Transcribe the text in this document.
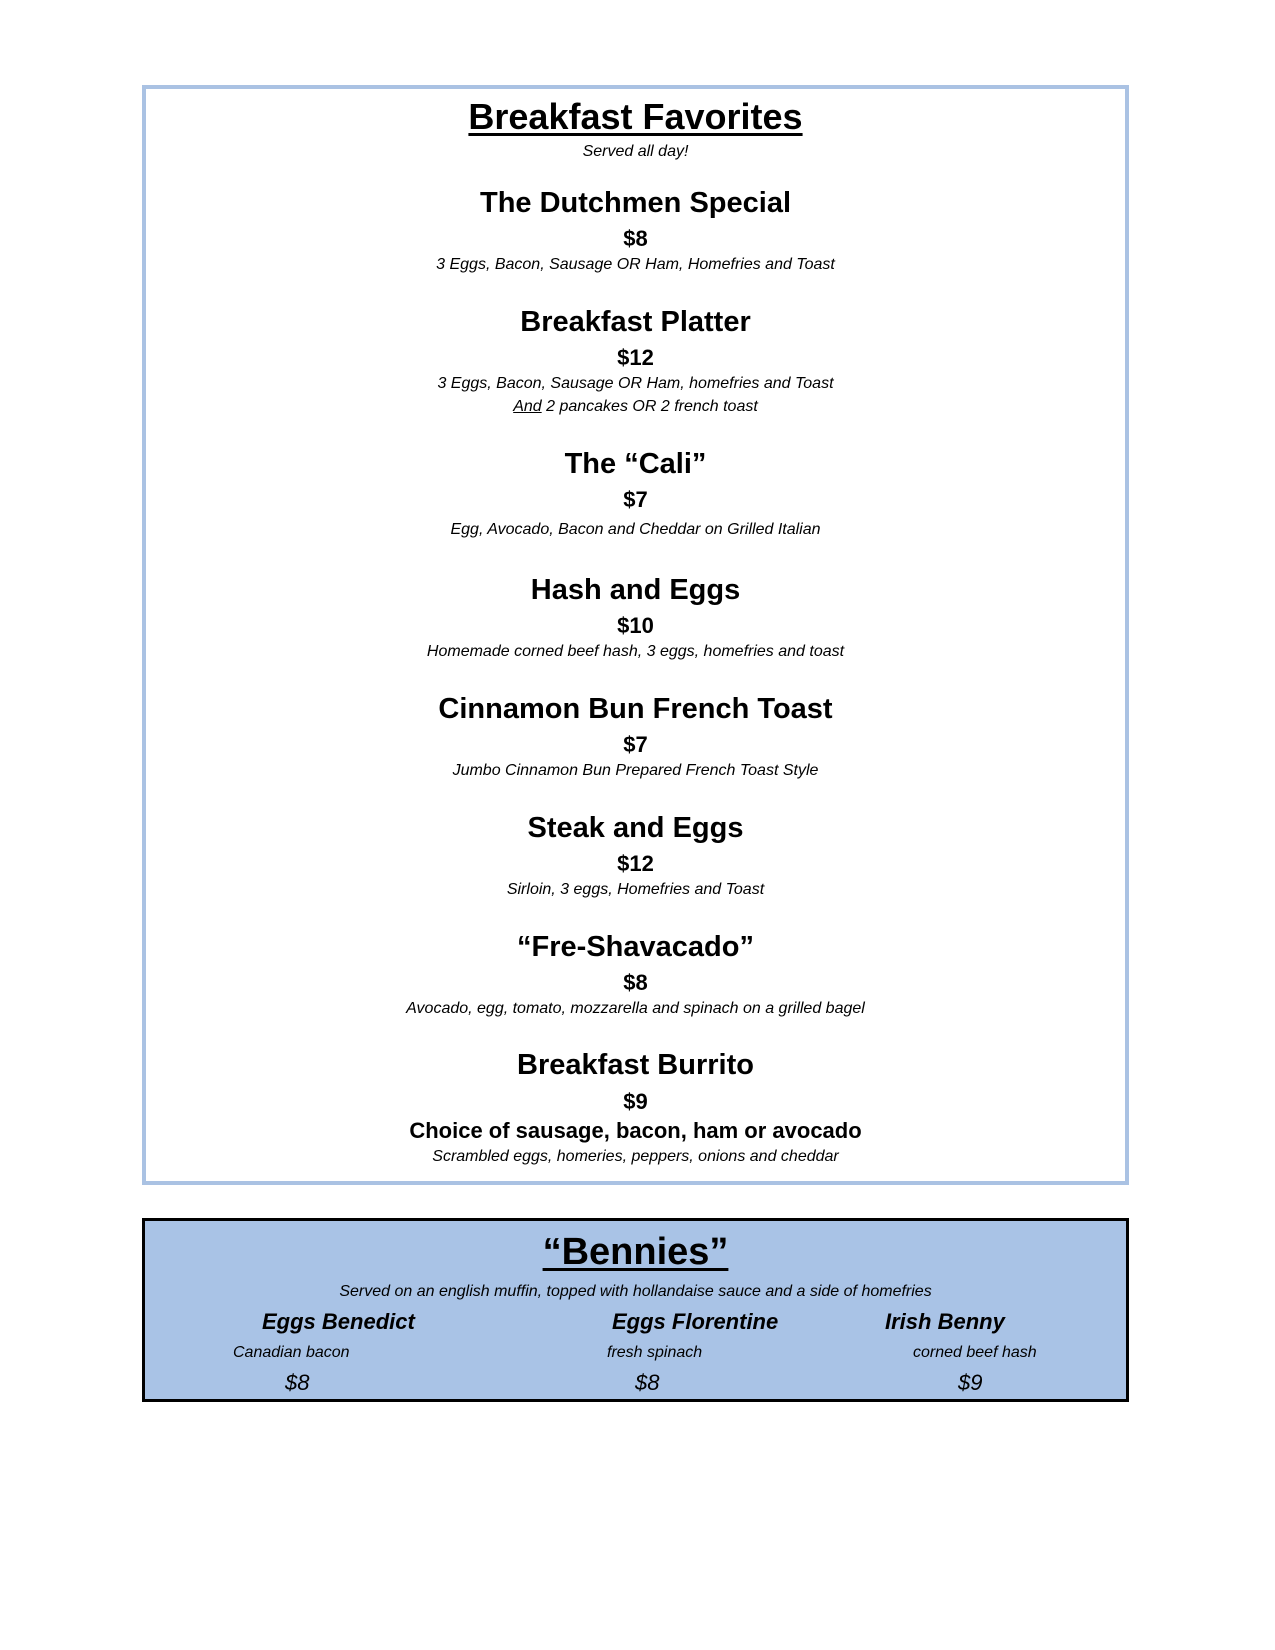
Breakfast Favorites
Served all day!
The Dutchmen Special
$8
3 Eggs, Bacon, Sausage OR Ham, Homefries and Toast
Breakfast Platter
$12
3 Eggs, Bacon, Sausage OR Ham, homefries and Toast
And 2 pancakes OR 2 french toast
The “Cali”
$7
Egg, Avocado, Bacon and Cheddar on Grilled Italian
Hash and Eggs
$10
Homemade corned beef hash, 3 eggs, homefries and toast
Cinnamon Bun French Toast
$7
Jumbo Cinnamon Bun Prepared French Toast Style
Steak and Eggs
$12
Sirloin, 3 eggs, Homefries and Toast
“Fre-Shavacado”
$8
Avocado, egg, tomato, mozzarella and spinach on a grilled bagel
Breakfast Burrito
$9
Choice of sausage, bacon, ham or avocado
Scrambled eggs, homeries, peppers, onions and cheddar
“Bennies”
Served on an english muffin, topped with hollandaise sauce and a side of homefries
Eggs Benedict
Canadian bacon
$8
Eggs Florentine
fresh spinach
$8
Irish Benny
corned beef hash
$9
